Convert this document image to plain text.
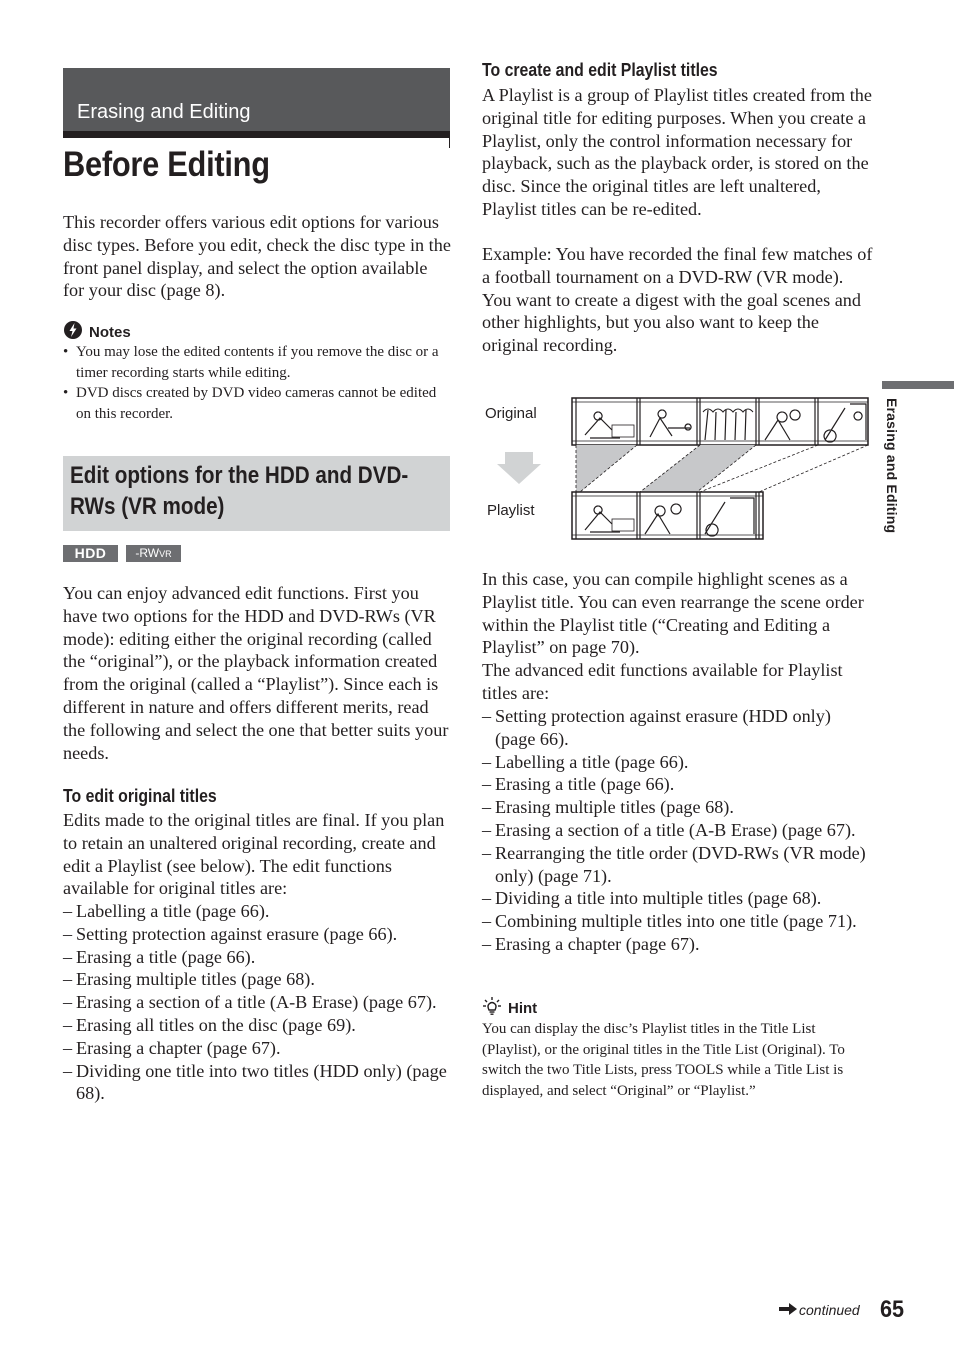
Erasing and Editing
Before Editing
This recorder offers various edit options for various disc types. Before you edit, check the disc type in the front panel display, and select the option available for your disc (page 8).
Notes
• You may lose the edited contents if you remove the disc or a timer recording starts while editing.
• DVD discs created by DVD video cameras cannot be edited on this recorder.
Edit options for the HDD and DVD-RWs (VR mode)
HDD	-RWVR
You can enjoy advanced edit functions. First you have two options for the HDD and DVD-RWs (VR mode): editing either the original recording (called the “original”), or the playback information created from the original (called a “Playlist”). Since each is different in nature and offers different merits, read the following and select the one that better suits your needs.
To edit original titles
Edits made to the original titles are final. If you plan to retain an unaltered original recording, create and edit a Playlist (see below). The edit functions available for original titles are:
– Labelling a title (page 66).
– Setting protection against erasure (page 66).
– Erasing a title (page 66).
– Erasing multiple titles (page 68).
– Erasing a section of a title (A-B Erase) (page 67).
– Erasing all titles on the disc (page 69).
– Erasing a chapter (page 67).
– Dividing one title into two titles (HDD only) (page 68).
To create and edit Playlist titles
A Playlist is a group of Playlist titles created from the original title for editing purposes. When you create a Playlist, only the control information necessary for playback, such as the playback order, is stored on the disc. Since the original titles are left unaltered, Playlist titles can be re-edited.
Example: You have recorded the final few matches of a football tournament on a DVD-RW (VR mode). You want to create a digest with the goal scenes and other highlights, but you also want to keep the original recording.
Original
Playlist
In this case, you can compile highlight scenes as a Playlist title. You can even rearrange the scene order within the Playlist title (“Creating and Editing a Playlist” on page 70).
The advanced edit functions available for Playlist titles are:
– Setting protection against erasure (HDD only) (page 66).
– Labelling a title (page 66).
– Erasing a title (page 66).
– Erasing multiple titles (page 68).
– Erasing a section of a title (A-B Erase) (page 67).
– Rearranging the title order (DVD-RWs (VR mode) only) (page 71).
– Dividing a title into multiple titles (page 68).
– Combining multiple titles into one title (page 71).
– Erasing a chapter (page 67).
Hint
You can display the disc’s Playlist titles in the Title List (Playlist), or the original titles in the Title List (Original). To switch the two Title Lists, press TOOLS while a Title List is displayed, and select “Original” or “Playlist.”
Erasing and Editing
continued 65
